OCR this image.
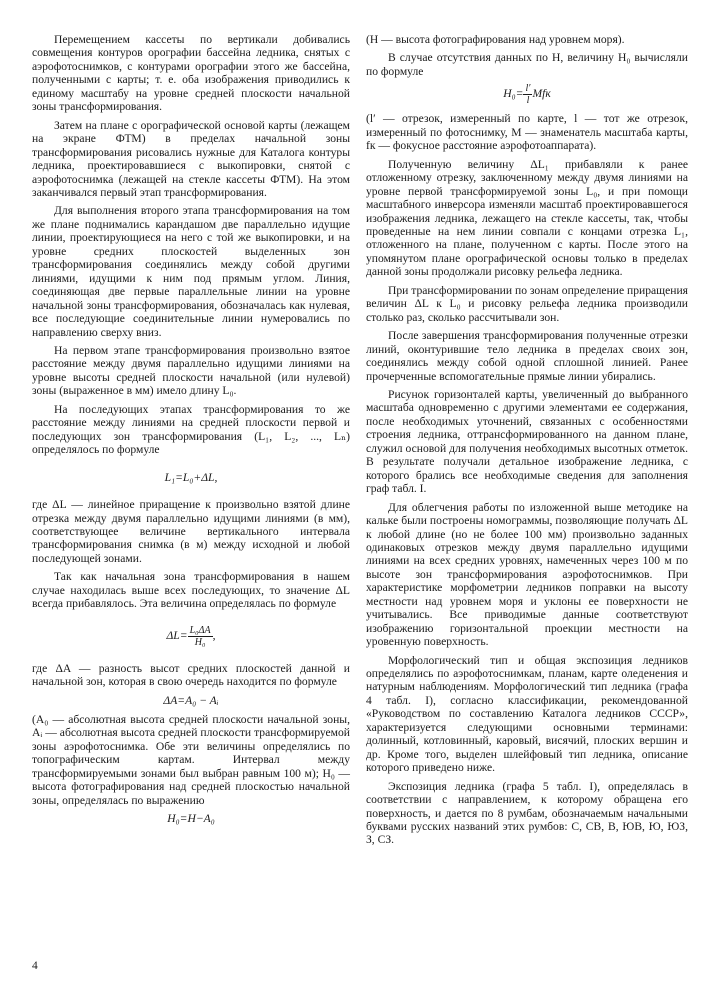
Перемещением кассеты по вертикали добивались совмещения контуров орографии бассейна ледника, снятых с аэрофотоснимков, с контурами орографии этого же бассейна, полученными с карты; т. е. оба изображения приводились к единому масштабу на уровне средней плоскости начальной зоны трансформирования.

Затем на плане с орографической основой карты (лежащем на экране ФТМ) в пределах начальной зоны трансформирования рисовались нужные для Каталога контуры ледника, проектировавшиеся с выкопировки, снятой с аэрофотоснимка (лежащей на стекле кассеты ФТМ). На этом заканчивался первый этап трансформирования.

Для выполнения второго этапа трансформирования на том же плане поднимались карандашом две параллельно идущие линии, проектирующиеся на него с той же выкопировки, и на уровне средних плоскостей выделенных зон трансформирования соединялись между собой другими линиями, идущими к ним под прямым углом. Линия, соединяющая две первые параллельные линии на уровне начальной зоны трансформирования, обозначалась как нулевая, все последующие соединительные линии нумеровались по направлению сверху вниз.

На первом этапе трансформирования произвольно взятое расстояние между двумя параллельно идущими линиями на уровне высоты средней плоскости начальной (или нулевой) зоны (выраженное в мм) имело длину L₀.

На последующих этапах трансформирования то же расстояние между линиями на средней плоскости первой и последующих зон трансформирования (L₁, L₂, ..., Lₙ) определялось по формуле

L₁=L₀+ΔL,

где ΔL — линейное приращение к произвольно взятой длине отрезка между двумя параллельно идущими линиями (в мм), соответствующее величине вертикального интервала трансформирования снимка (в м) между исходной и любой последующей зонами.

Так как начальная зона трансформирования в нашем случае находилась выше всех последующих, то значение ΔL всегда прибавлялось. Эта величина определялась по формуле

$\Delta L= \frac{\text{L₀ΔA}}{\text{H₀}}$ ,

где ΔA — разность высот средних плоскостей данной и начальной зон, которая в свою очередь находится по формуле

ΔA=A₀ − Aᵢ

(A₀ — абсолютная высота средней плоскости начальной зоны, Aᵢ — абсолютная высота средней плоскости трансформируемой зоны аэрофотоснимка. Обе эти величины определялись по топографическим картам. Интервал между трансформируемыми зонами был выбран равным 100 м); H₀ — высота фотографирования над средней плоскостью начальной зоны, определялась по выражению

H₀=H−A₀

(H — высота фотографирования над уровнем моря).

В случае отсутствия данных по H, величину H₀ вычисляли по формуле

$H_0= \frac{l'}{l}$ Mfк

(l′ — отрезок, измеренный по карте, l — тот же отрезок, измеренный по фотоснимку, M — знаменатель масштаба карты, fк — фокусное расстояние аэрофотоаппарата).

Полученную величину ΔL₁ прибавляли к ранее отложенному отрезку, заключенному между двумя линиями на уровне первой трансформируемой зоны L₀, и при помощи масштабного инверсора изменяли масштаб проектировавшегося изображения ледника, лежащего на стекле кассеты, так, чтобы проведенные на нем линии совпали с концами отрезка L₁, отложенного на плане, полученном с карты. После этого на упомянутом плане орографической основы только в пределах данной зоны продолжали рисовку рельефа ледника.

При трансформировании по зонам определение приращения величин ΔL к L₀ и рисовку рельефа ледника производили столько раз, сколько рассчитывали зон.

После завершения трансформирования полученные отрезки линий, оконтурившие тело ледника в пределах своих зон, соединялись между собой одной сплошной линией. Ранее прочерченные вспомогательные прямые линии убирались.

Рисунок горизонталей карты, увеличенный до выбранного масштаба одновременно с другими элементами ее содержания, после необходимых уточнений, связанных с особенностями строения ледника, оттрансформированного на данном плане, служил основой для получения необходимых высотных отметок. В результате получали детальное изображение ледника, с которого брались все необходимые сведения для заполнения граф табл. I.

Для облегчения работы по изложенной выше методике на кальке были построены номограммы, позволяющие получать ΔL к любой длине (но не более 100 мм) произвольно заданных одинаковых отрезков между двумя параллельно идущими линиями на всех средних уровнях, намеченных через 100 м по высоте зон трансформирования аэрофотоснимков. При характеристике морфометрии ледников поправки на высоту местности над уровнем моря и уклоны ее поверхности не учитывались. Все приводимые данные соответствуют изображению горизонтальной проекции местности на уровенную поверхность.

Морфологический тип и общая экспозиция ледников определялись по аэрофотоснимкам, планам, карте оледенения и натурным наблюдениям. Морфологический тип ледника (графа 4 табл. I), согласно классификации, рекомендованной «Руководством по составлению Каталога ледников СССР», характеризуется следующими основными терминами: долинный, котловинный, каровый, висячий, плоских вершин и др. Кроме того, выделен шлейфовый тип ледника, описание которого приведено ниже.

Экспозиция ледника (графа 5 табл. I), определялась в соответствии с направлением, к которому обращена его поверхность, и дается по 8 румбам, обозначаемым начальными буквами русских названий этих румбов: С, СВ, В, ЮВ, Ю, ЮЗ, З, СЗ.

4
